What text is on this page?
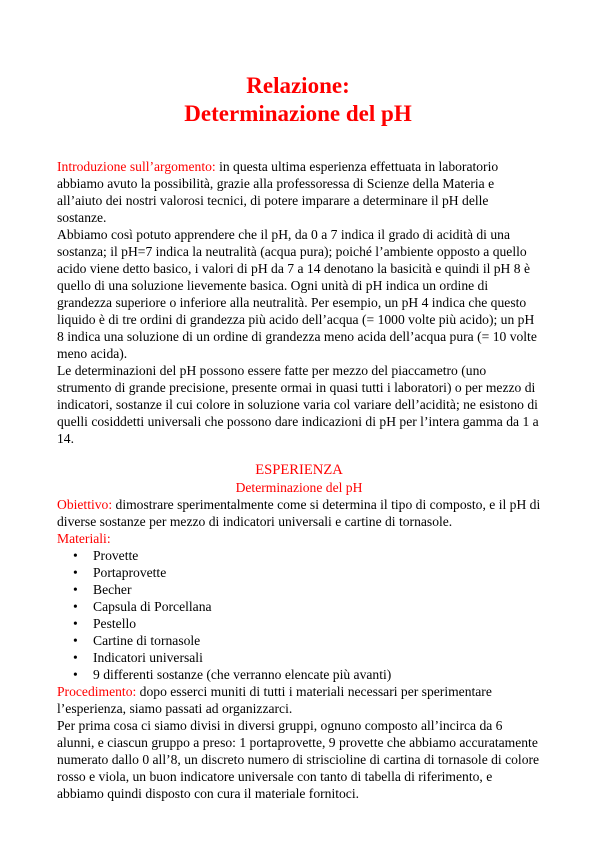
Relazione:
Determinazione del pH

Introduzione sull’argomento: in questa ultima esperienza effettuata in laboratorio abbiamo avuto la possibilità, grazie alla professoressa di Scienze della Materia e all’aiuto dei nostri valorosi tecnici, di potere imparare a determinare il pH delle sostanze.

Abbiamo così potuto apprendere che il pH, da 0 a 7 indica il grado di acidità di una sostanza; il pH=7 indica la neutralità (acqua pura); poiché l’ambiente opposto a quello acido viene detto basico, i valori di pH da 7 a 14 denotano la basicità e quindi il pH 8 è quello di una soluzione lievemente basica. Ogni unità di pH indica un ordine di grandezza superiore o inferiore alla neutralità. Per esempio, un pH 4 indica che questo liquido è di tre ordini di grandezza più acido dell’acqua (= 1000 volte più acido); un pH 8 indica una soluzione di un ordine di grandezza meno acida dell’acqua pura (= 10 volte meno acida).

Le determinazioni del pH possono essere fatte per mezzo del piaccametro (uno strumento di grande precisione, presente ormai in quasi tutti i laboratori) o per mezzo di indicatori, sostanze il cui colore in soluzione varia col variare dell’acidità; ne esistono di quelli cosiddetti universali che possono dare indicazioni di pH per l’intera gamma da 1 a 14.

ESPERIENZA

Determinazione del pH

Obiettivo: dimostrare sperimentalmente come si determina il tipo di composto, e il pH di diverse sostanze per mezzo di indicatori universali e cartine di tornasole.

Materiali:

• Provette
• Portaprovette
• Becher
• Capsula di Porcellana
• Pestello
• Cartine di tornasole
• Indicatori universali
• 9 differenti sostanze (che verranno elencate più avanti)

Procedimento: dopo esserci muniti di tutti i materiali necessari per sperimentare l’esperienza, siamo passati ad organizzarci.

Per prima cosa ci siamo divisi in diversi gruppi, ognuno composto all’incirca da 6 alunni, e ciascun gruppo a preso: 1 portaprovette, 9 provette che abbiamo accuratamente numerato dallo 0 all’8, un discreto numero di striscioline di cartina di tornasole di colore rosso e viola, un buon indicatore universale con tanto di tabella di riferimento, e abbiamo quindi disposto con cura il materiale fornitoci.
